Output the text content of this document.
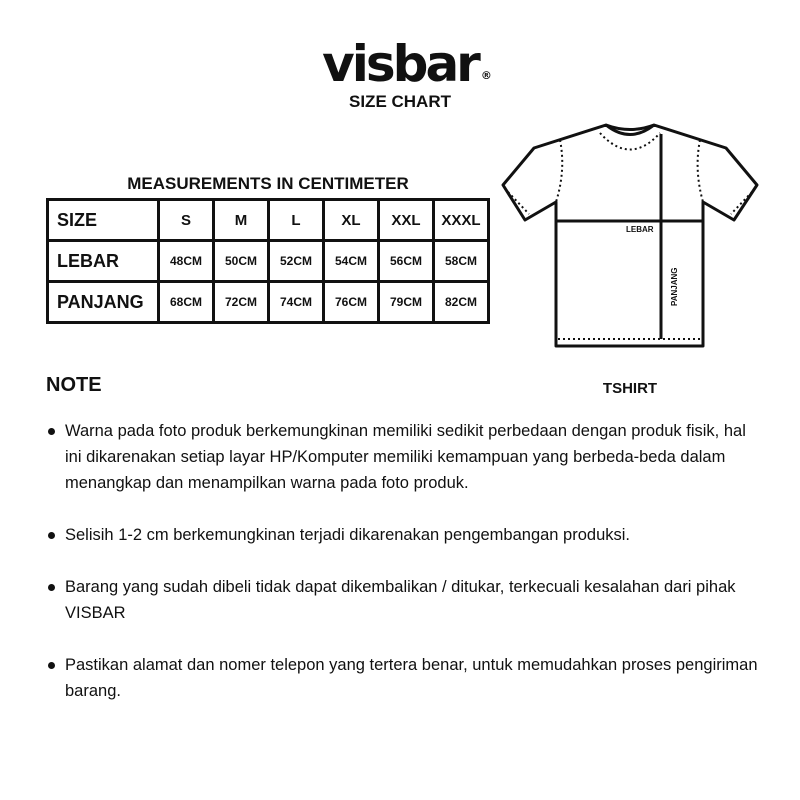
visbar ®
SIZE CHART
MEASUREMENTS IN CENTIMETER
SIZE	S	M	L	XL	XXL	XXXL
LEBAR	48CM	50CM	52CM	54CM	56CM	58CM
PANJANG	68CM	72CM	74CM	76CM	79CM	82CM
LEBAR
PANJANG
TSHIRT
NOTE
Warna pada foto produk berkemungkinan memiliki sedikit perbedaan dengan produk fisik, hal ini dikarenakan setiap layar HP/Komputer memiliki kemampuan yang berbeda-beda dalam menangkap dan menampilkan warna pada foto produk.
Selisih 1-2 cm berkemungkinan terjadi dikarenakan pengembangan produksi.
Barang yang sudah dibeli tidak dapat dikembalikan / ditukar, terkecuali kesalahan dari pihak VISBAR
Pastikan alamat dan nomer telepon yang tertera benar, untuk memudahkan proses pengiriman barang.
